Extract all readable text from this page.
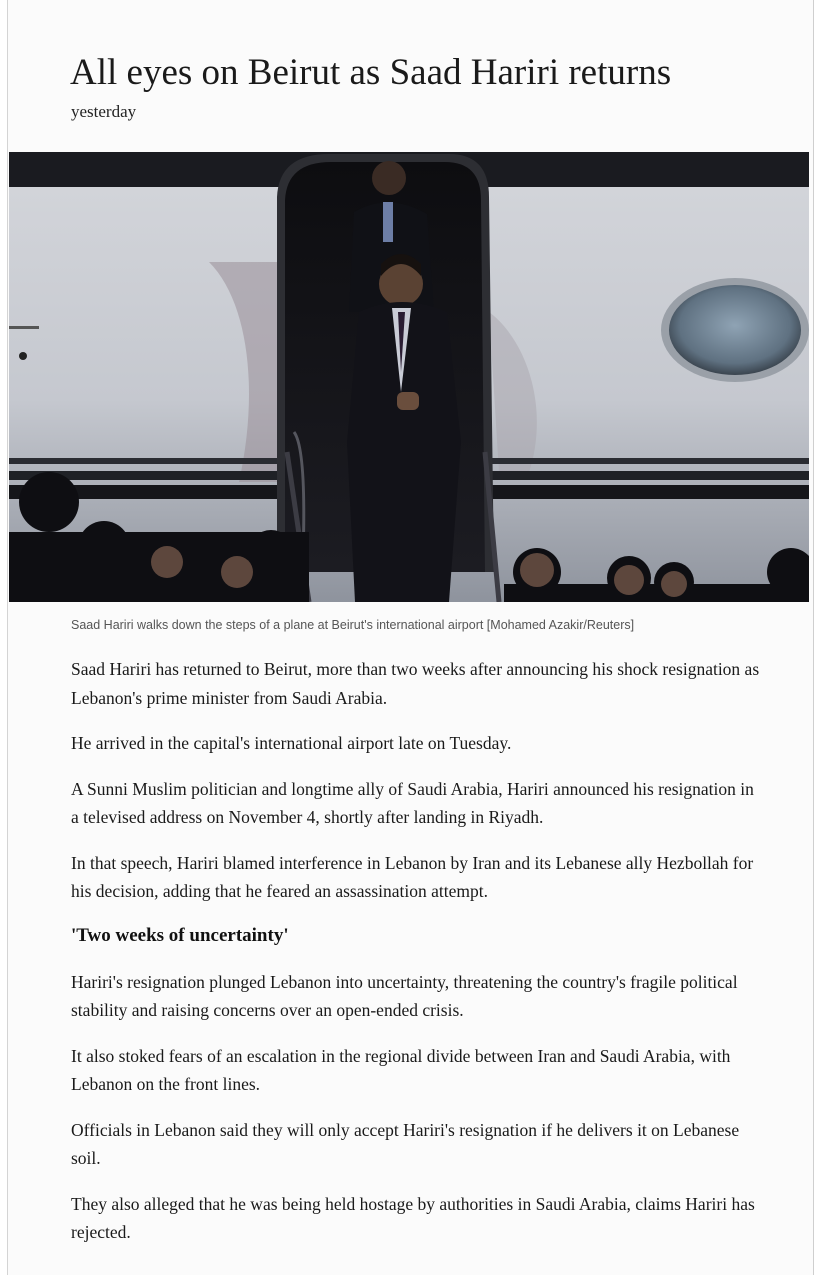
All eyes on Beirut as Saad Hariri returns
yesterday
Saad Hariri walks down the steps of a plane at Beirut's international airport [Mohamed Azakir/Reuters]

Saad Hariri has returned to Beirut, more than two weeks after announcing his shock resignation as Lebanon's prime minister from Saudi Arabia.

He arrived in the capital's international airport late on Tuesday.

A Sunni Muslim politician and longtime ally of Saudi Arabia, Hariri announced his resignation in a televised address on November 4, shortly after landing in Riyadh.

In that speech, Hariri blamed interference in Lebanon by Iran and its Lebanese ally Hezbollah for his decision, adding that he feared an assassination attempt.

'Two weeks of uncertainty'

Hariri's resignation plunged Lebanon into uncertainty, threatening the country's fragile political stability and raising concerns over an open-ended crisis.

It also stoked fears of an escalation in the regional divide between Iran and Saudi Arabia, with Lebanon on the front lines.

Officials in Lebanon said they will only accept Hariri's resignation if he delivers it on Lebanese soil.

They also alleged that he was being held hostage by authorities in Saudi Arabia, claims Hariri has rejected.
